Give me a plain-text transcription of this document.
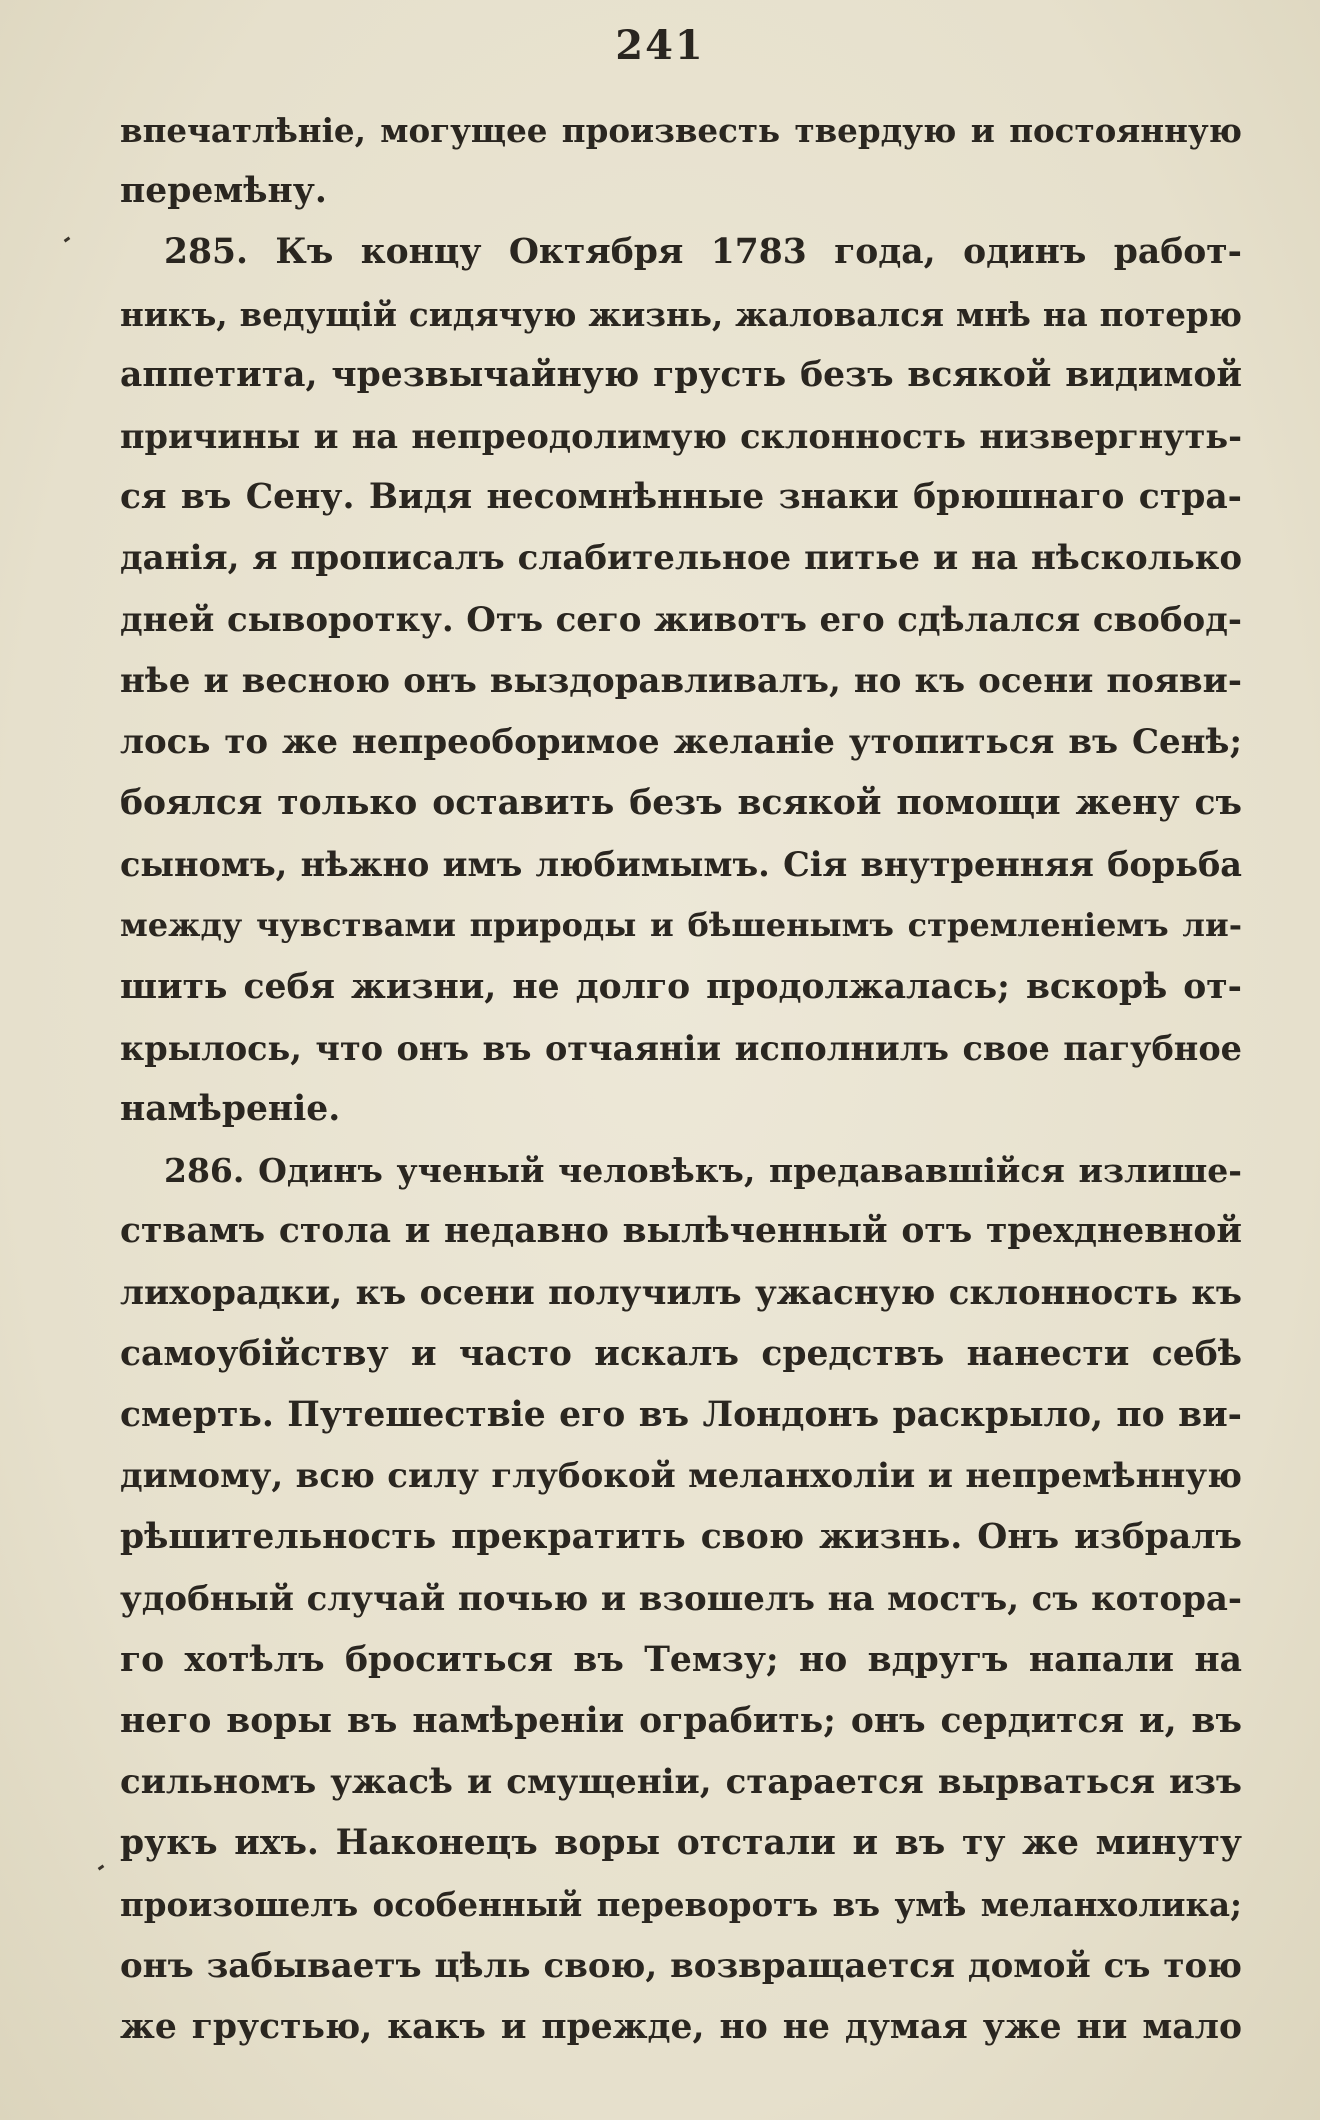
241
впечатлѣніе, могущее произвесть твердую и постоянную
перемѣну.
285. Къ концу Октября 1783 года, одинъ работ-
никъ, ведущій сидячую жизнь, жаловался мнѣ на потерю
аппетита, чрезвычайную грусть безъ всякой видимой
причины и на непреодолимую склонность низвергнуть-
ся въ Сену. Видя несомнѣнные знаки брюшнаго стра-
данія, я прописалъ слабительное питье и на нѣсколько
дней сыворотку. Отъ сего животъ его сдѣлался свобод-
нѣе и весною онъ выздоравливалъ, но къ осени появи-
лось то же непреоборимое желаніе утопиться въ Сенѣ;
боялся только оставить безъ всякой помощи жену съ
сыномъ, нѣжно имъ любимымъ. Сія внутренняя борьба
между чувствами природы и бѣшенымъ стремленіемъ ли-
шить себя жизни, не долго продолжалась; вскорѣ от-
крылось, что онъ въ отчаяніи исполнилъ свое пагубное
намѣреніе.
286. Одинъ ученый человѣкъ, предававшійся излише-
ствамъ стола и недавно вылѣченный отъ трехдневной
лихорадки, къ осени получилъ ужасную склонность къ
самоубійству и часто искалъ средствъ нанести себѣ
смерть. Путешествіе его въ Лондонъ раскрыло, по ви-
димому, всю силу глубокой меланхоліи и непремѣнную
рѣшительность прекратить свою жизнь. Онъ избралъ
удобный случай почью и взошелъ на мостъ, съ котора-
го хотѣлъ броситься въ Темзу; но вдругъ напали на
него воры въ намѣреніи ограбить; онъ сердится и, въ
сильномъ ужасѣ и смущеніи, старается вырваться изъ
рукъ ихъ. Наконецъ воры отстали и въ ту же минуту
произошелъ особенный переворотъ въ умѣ меланхолика;
онъ забываетъ цѣль свою, возвращается домой съ тою
же грустью, какъ и прежде, но не думая уже ни мало
